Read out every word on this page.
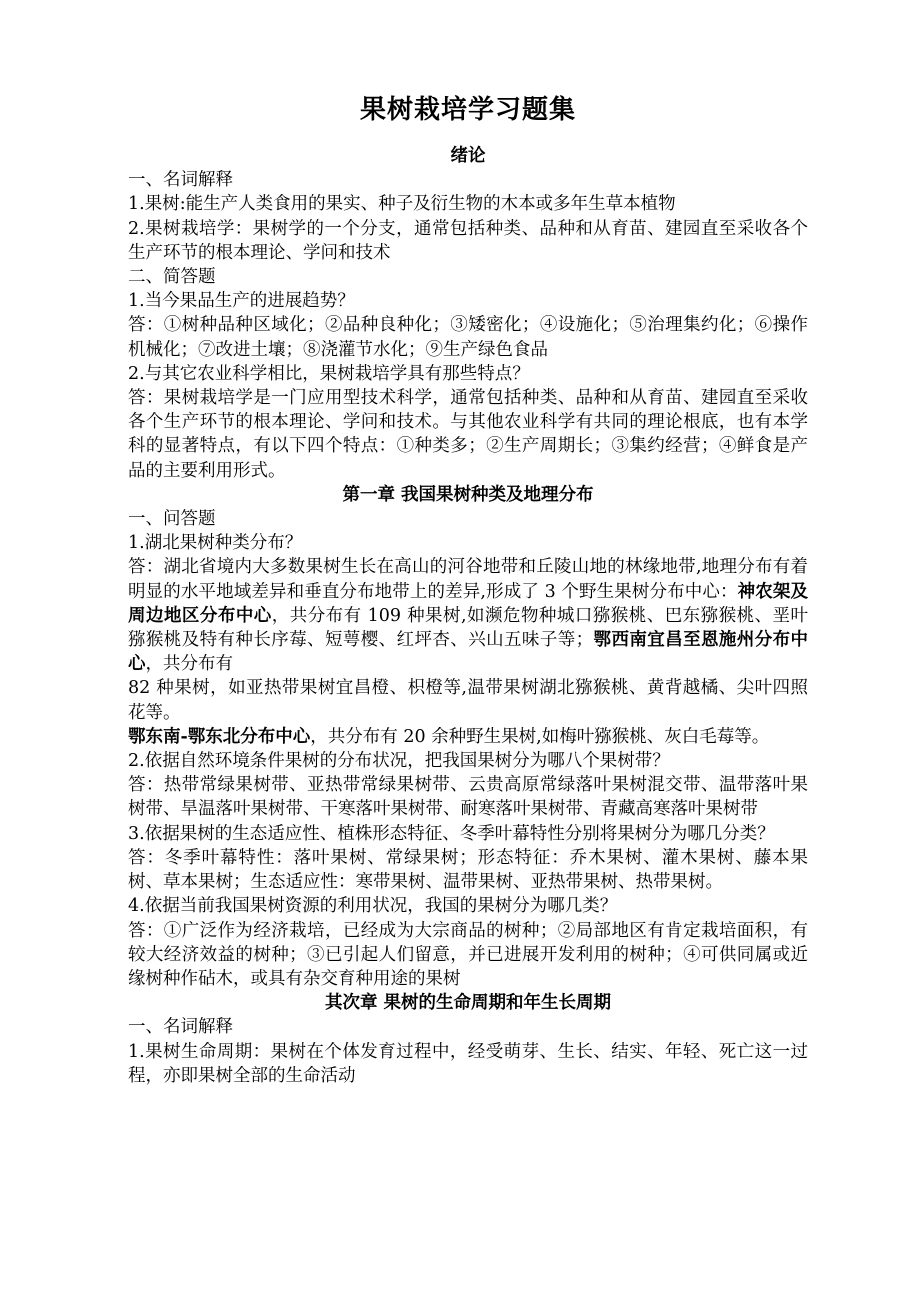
果树栽培学习题集
绪论

一、名词解释

1.果树:能生产人类食用的果实、种子及衍生物的木本或多年生草本植物

2.果树栽培学：果树学的一个分支，通常包括种类、品种和从育苗、建园直至采收各个生产环节的根本理论、学问和技术

二、简答题

1.当今果品生产的进展趋势？

答：①树种品种区域化；②品种良种化；③矮密化；④设施化；⑤治理集约化；⑥操作机械化；⑦改进土壤；⑧浇灌节水化；⑨生产绿色食品

2.与其它农业科学相比，果树栽培学具有那些特点？

答：果树栽培学是一门应用型技术科学，通常包括种类、品种和从育苗、建园直至采收各个生产环节的根本理论、学问和技术。与其他农业科学有共同的理论根底，也有本学科的显著特点，有以下四个特点：①种类多；②生产周期长；③集约经营；④鲜食是产品的主要利用形式。

第一章 我国果树种类及地理分布

一、问答题

1.湖北果树种类分布？

答：湖北省境内大多数果树生长在高山的河谷地带和丘陵山地的林缘地带,地理分布有着明显的水平地域差异和垂直分布地带上的差异,形成了 3 个野生果树分布中心：神农架及周边地区分布中心，共分布有 109 种果树,如濒危物种城口猕猴桃、巴东猕猴桃、垩叶猕猴桃及特有种长序莓、短萼樱、红坪杏、兴山五味子等；鄂西南宜昌至恩施州分布中心，共分布有

82 种果树，如亚热带果树宜昌橙、枳橙等,温带果树湖北猕猴桃、黄背越橘、尖叶四照花等。

鄂东南-鄂东北分布中心，共分布有 20 余种野生果树,如梅叶猕猴桃、灰白毛莓等。

2.依据自然环境条件果树的分布状况，把我国果树分为哪八个果树带？

答：热带常绿果树带、亚热带常绿果树带、云贵高原常绿落叶果树混交带、温带落叶果树带、旱温落叶果树带、干寒落叶果树带、耐寒落叶果树带、青藏高寒落叶果树带

3.依据果树的生态适应性、植株形态特征、冬季叶幕特性分别将果树分为哪几分类？

答：冬季叶幕特性：落叶果树、常绿果树；形态特征：乔木果树、灌木果树、藤本果树、草本果树；生态适应性：寒带果树、温带果树、亚热带果树、热带果树。

4.依据当前我国果树资源的利用状况，我国的果树分为哪几类？

答：①广泛作为经济栽培，已经成为大宗商品的树种；②局部地区有肯定栽培面积，有较大经济效益的树种；③已引起人们留意，并已进展开发利用的树种；④可供同属或近缘树种作砧木，或具有杂交育种用途的果树

其次章 果树的生命周期和年生长周期

一、名词解释

1.果树生命周期：果树在个体发育过程中，经受萌芽、生长、结实、年轻、死亡这一过程，亦即果树全部的生命活动
